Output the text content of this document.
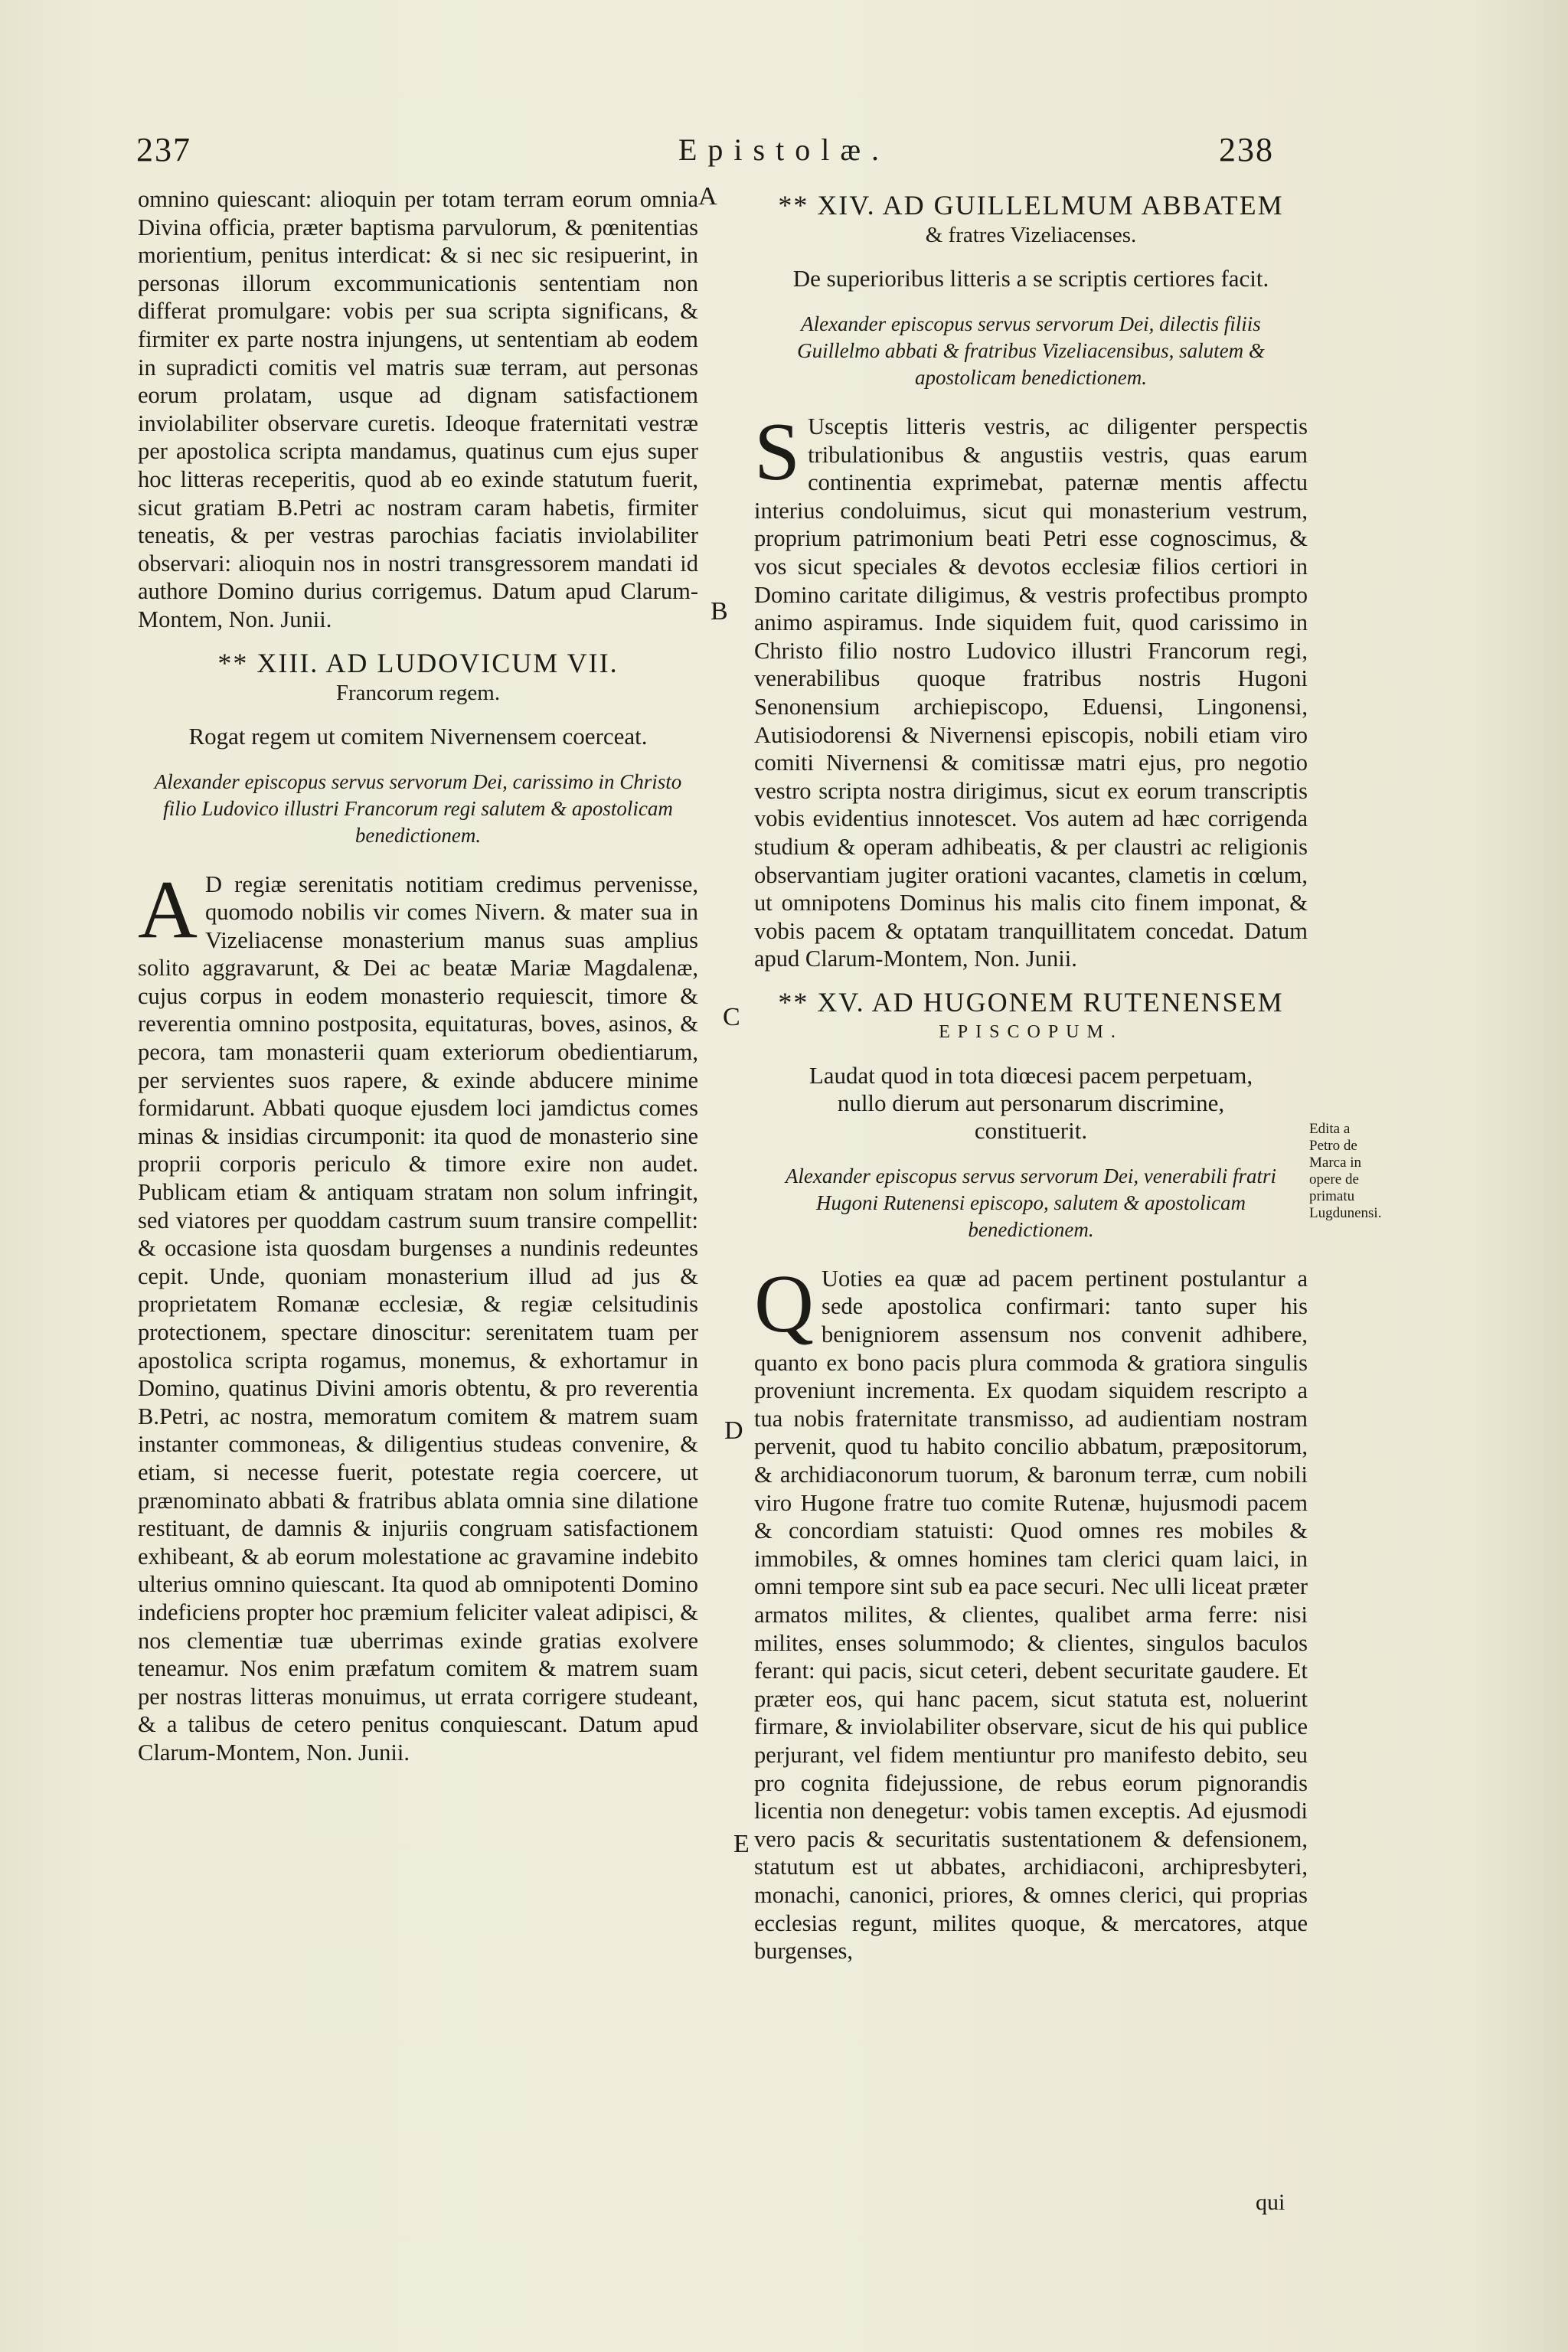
237	Epistolæ.	238

omnino quiescant: alioquin per totam terram eorum omnia Divina officia, præter baptisma parvulorum, & pœnitentias morientium, penitus interdicat: & si nec sic resipuerint, in personas illorum excommunicationis sententiam non differat promulgare: vobis per sua scripta significans, & firmiter ex parte nostra injungens, ut sententiam ab eodem in supradicti comitis vel matris suæ terram, aut personas eorum prolatam, usque ad dignam satisfactionem inviolabiliter observare curetis. Ideoque fraternitati vestræ per apostolica scripta mandamus, quatinus cum ejus super hoc litteras receperitis, quod ab eo exinde statutum fuerit, sicut gratiam B.Petri ac nostram caram habetis, firmiter teneatis, & per vestras parochias faciatis inviolabiliter observari: alioquin nos in nostri transgressorem mandati id authore Domino durius corrigemus. Datum apud Clarum-Montem, Non. Junii.

** XIII. AD LUDOVICUM VII.
Francorum regem.
Rogat regem ut comitem Nivernensem coerceat.
Alexander episcopus servus servorum Dei, carissimo in Christo filio Ludovico illustri Francorum regi salutem & apostolicam benedictionem.

A D regiæ serenitatis notitiam credimus pervenisse, quomodo nobilis vir comes Nivern. & mater sua in Vizeliacense monasterium manus suas amplius solito aggravarunt, & Dei ac beatæ Mariæ Magdalenæ, cujus corpus in eodem monasterio requiescit, timore & reverentia omnino postposita, equitaturas, boves, asinos, & pecora, tam monasterii quam exteriorum obedientiarum, per servientes suos rapere, & exinde abducere minime formidarunt. Abbati quoque ejusdem loci jamdictus comes minas & insidias circumponit: ita quod de monasterio sine proprii corporis periculo & timore exire non audet. Publicam etiam & antiquam stratam non solum infringit, sed viatores per quoddam castrum suum transire compellit: & occasione ista quosdam burgenses a nundinis redeuntes cepit. Unde, quoniam monasterium illud ad jus & proprietatem Romanæ ecclesiæ, & regiæ celsitudinis protectionem, spectare dinoscitur: serenitatem tuam per apostolica scripta rogamus, monemus, & exhortamur in Domino, quatinus Divini amoris obtentu, & pro reverentia B.Petri, ac nostra, memoratum comitem & matrem suam instanter commoneas, & diligentius studeas convenire, & etiam, si necesse fuerit, potestate regia coercere, ut prænominato abbati & fratribus ablata omnia sine dilatione restituant, de damnis & injuriis congruam satisfactionem exhibeant, & ab eorum molestatione ac gravamine indebito ulterius omnino quiescant. Ita quod ab omnipotenti Domino indeficiens propter hoc præmium feliciter valeat adipisci, & nos clementiæ tuæ uberrimas exinde gratias exolvere teneamur. Nos enim præfatum comitem & matrem suam per nostras litteras monuimus, ut errata corrigere studeant, & a talibus de cetero penitus conquiescant. Datum apud Clarum-Montem, Non. Junii.

** XIV. AD GUILLELMUM ABBATEM
& fratres Vizeliacenses.
De superioribus litteris a se scriptis certiores facit.
Alexander episcopus servus servorum Dei, dilectis filiis Guillelmo abbati & fratribus Vizeliacensibus, salutem & apostolicam benedictionem.

S Usceptis litteris vestris, ac diligenter perspectis tribulationibus & angustiis vestris, quas earum continentia exprimebat, paternæ mentis affectu interius condoluimus, sicut qui monasterium vestrum, proprium patrimonium beati Petri esse cognoscimus, & vos sicut speciales & devotos ecclesiæ filios certiori in Domino caritate diligimus, & vestris profectibus prompto animo aspiramus. Inde siquidem fuit, quod carissimo in Christo filio nostro Ludovico illustri Francorum regi, venerabilibus quoque fratribus nostris Hugoni Senonensium archiepiscopo, Eduensi, Lingonensi, Autisiodorensi & Nivernensi episcopis, nobili etiam viro comiti Nivernensi & comitissæ matri ejus, pro negotio vestro scripta nostra dirigimus, sicut ex eorum transcriptis vobis evidentius innotescet. Vos autem ad hæc corrigenda studium & operam adhibeatis, & per claustri ac religionis observantiam jugiter orationi vacantes, clametis in cœlum, ut omnipotens Dominus his malis cito finem imponat, & vobis pacem & optatam tranquillitatem concedat. Datum apud Clarum-Montem, Non. Junii.

** XV. AD HUGONEM RUTENENSEM
EPISCOPUM.
Laudat quod in tota diœcesi pacem perpetuam, nullo dierum aut personarum discrimine, constituerit.
Alexander episcopus servus servorum Dei, venerabili fratri Hugoni Rutenensi episcopo, salutem & apostolicam benedictionem.

Q Uoties ea quæ ad pacem pertinent postulantur a sede apostolica confirmari: tanto super his benigniorem assensum nos convenit adhibere, quanto ex bono pacis plura commoda & gratiora singulis proveniunt incrementa. Ex quodam siquidem rescripto a tua nobis fraternitate transmisso, ad audientiam nostram pervenit, quod tu habito concilio abbatum, præpositorum, & archidiaconorum tuorum, & baronum terræ, cum nobili viro Hugone fratre tuo comite Rutenæ, hujusmodi pacem & concordiam statuisti: Quod omnes res mobiles & immobiles, & omnes homines tam clerici quam laici, in omni tempore sint sub ea pace securi. Nec ulli liceat præter armatos milites, & clientes, qualibet arma ferre: nisi milites, enses solummodo; & clientes, singulos baculos ferant: qui pacis, sicut ceteri, debent securitate gaudere. Et præter eos, qui hanc pacem, sicut statuta est, noluerint firmare, & inviolabiliter observare, sicut de his qui publice perjurant, vel fidem mentiuntur pro manifesto debito, seu pro cognita fidejussione, de rebus eorum pignorandis licentia non denegetur: vobis tamen exceptis. Ad ejusmodi vero pacis & securitatis sustentationem & defensionem, statutum est ut abbates, archidiaconi, archipresbyteri, monachi, canonici, priores, & omnes clerici, qui proprias ecclesias regunt, milites quoque, & mercatores, atque burgenses,

A
B
C
D
E
Edita a Petro de Marca in opere de primatu Lugdunensi.
qui
